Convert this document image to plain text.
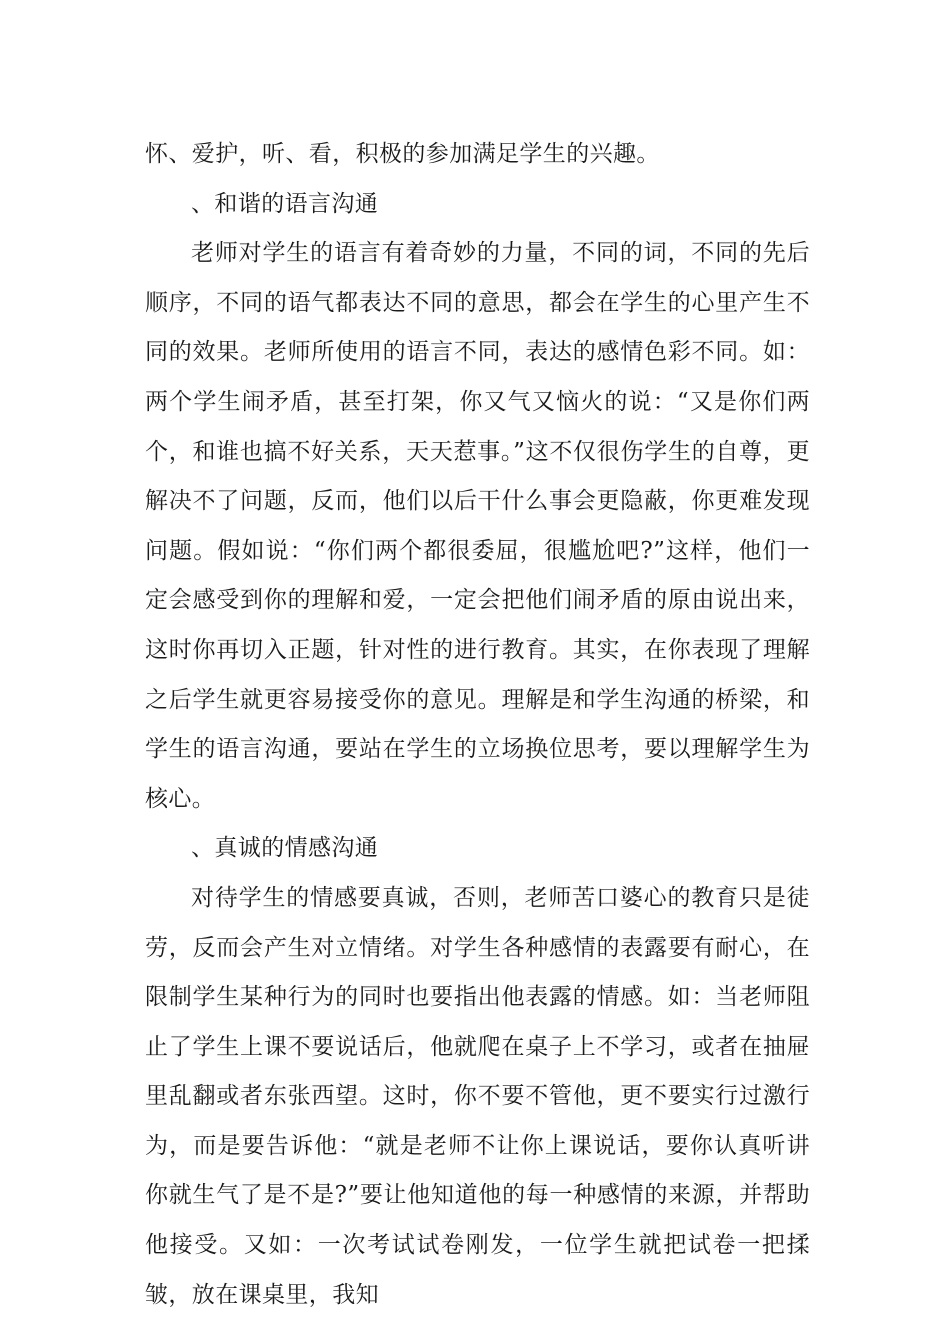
怀、爱护，听、看，积极的参加满足学生的兴趣。

、和谐的语言沟通

老师对学生的语言有着奇妙的力量，不同的词，不同的先后顺序，不同的语气都表达不同的意思，都会在学生的心里产生不同的效果。老师所使用的语言不同，表达的感情色彩不同。如：两个学生闹矛盾，甚至打架，你又气又恼火的说：“又是你们两个，和谁也搞不好关系，天天惹事。”这不仅很伤学生的自尊，更解决不了问题，反而，他们以后干什么事会更隐蔽，你更难发现问题。假如说：“你们两个都很委屈，很尴尬吧?”这样，他们一定会感受到你的理解和爱，一定会把他们闹矛盾的原由说出来，这时你再切入正题，针对性的进行教育。其实，在你表现了理解之后学生就更容易接受你的意见。理解是和学生沟通的桥梁，和学生的语言沟通，要站在学生的立场换位思考，要以理解学生为核心。

、真诚的情感沟通

对待学生的情感要真诚，否则，老师苦口婆心的教育只是徒劳，反而会产生对立情绪。对学生各种感情的表露要有耐心，在限制学生某种行为的同时也要指出他表露的情感。如：当老师阻止了学生上课不要说话后，他就爬在桌子上不学习，或者在抽屉里乱翻或者东张西望。这时，你不要不管他，更不要实行过激行为，而是要告诉他：“就是老师不让你上课说话，要你认真听讲你就生气了是不是?”要让他知道他的每一种感情的来源，并帮助他接受。又如：一次考试试卷刚发，一位学生就把试卷一把揉皱，放在课桌里，我知
